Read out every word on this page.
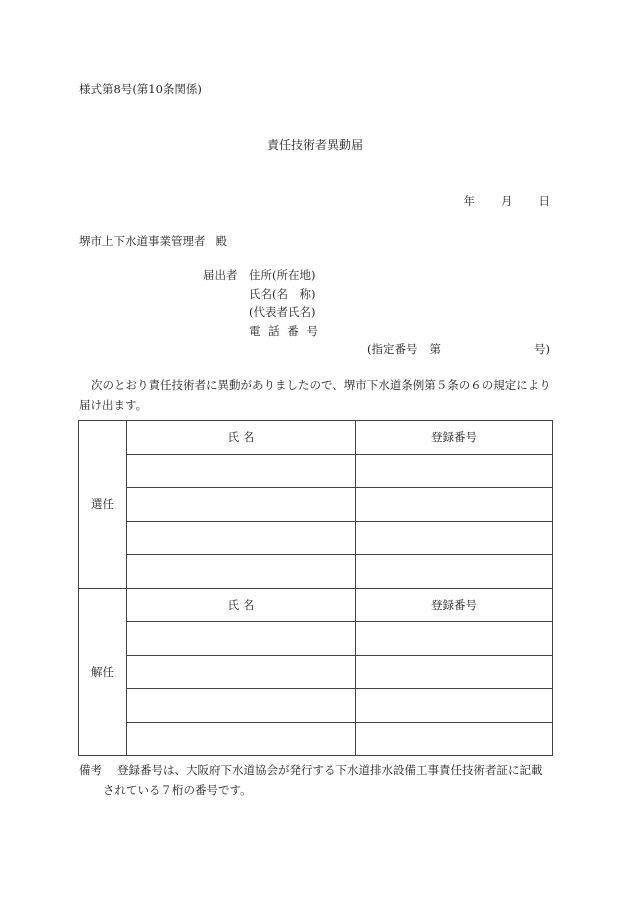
様式第8号(第10条関係)
責任技術者異動届
年 月 日
堺市上下水道事業管理者 殿
届出者 住所(所在地)
氏名(名　称)
(代表者氏名)
電 話 番 号
(指定番号 第	号)
次のとおり責任技術者に異動がありましたので、堺市下水道条例第５条の６の規定により届け出ます。
選任	氏 名	登録番号

解任	氏 名	登録番号

備考 登録番号は、大阪府下水道協会が発行する下水道排水設備工事責任技術者証に記載
されている７桁の番号です。
